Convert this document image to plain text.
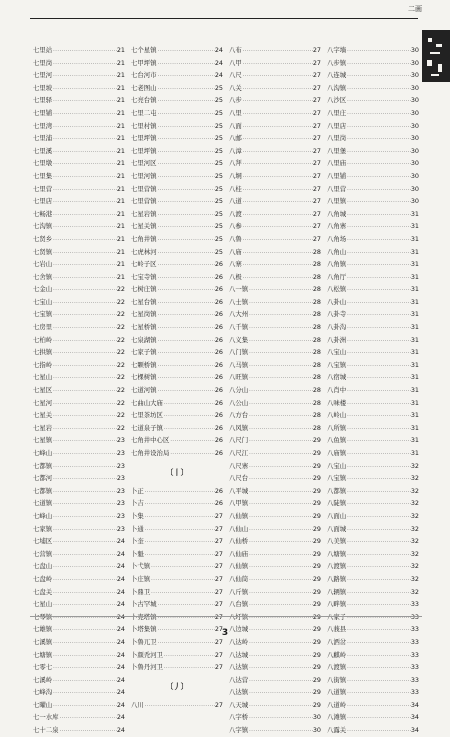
二画
七里站 ·····	21
七里岗 ·····	21
七里河 ·····	21
七里坡 ·····	21
七里驿 ·····	21
七里铺 ·····	21
七里湾 ·····	21
七里浦 ·····	21
七里溪 ·····	21
七里墩 ·····	21
七里集 ·····	21
七里营 ·····	21
七里店 ·····	21
七畅港 ·····	21
七沟镇 ·····	21
七贤乡 ·····	21
七贤镇 ·····	21
七岩山 ·····	21
七舍镇 ·····	21
七金山 ·····	22
七宝山 ·····	22
七宝镇 ·····	22
七房里 ·····	22
七柏岭 ·····	22
七拱镇 ·····	22
七指岭 ·····	22
七星山 ·····	22
七星区 ·····	22
七星河 ·····	22
七星关 ·····	22
七星岩 ·····	22
七星镇 ·····	23
七峰山 ·····	23
七都镇 ·····	23
七都河 ·····	23
七都镇 ·····	23
七道镇 ·····	23
七峰山 ·····	23
七家镇 ·····	23
七埔区 ·····	24
七营镇 ·····	24
七盘山 ·····	24
七盘岭 ·····	24
七盘关 ·····	24
七星山 ·····	24
七琴镇 ·····	24
七雄镇 ·····	24
七溪镇 ·····	24
七塘镇 ·····	24
七零七 ·····	24
七溪岭 ·····	24
七峰沟 ·····	24
七曜山 ·····	24
七一水库 ·····	24
七十二泉 ·····	24
七个星镇 ·····	24
七甲坪镇 ·····	24
七台河市 ·····	24
七老图山 ·····	25
七亮台镇 ·····	25
七里二屯 ·····	25
七里村镇 ·····	25
七里坪镇 ·····	25
七里坪镇 ·····	25
七里河区 ·····	25
七里河镇 ·····	25
七里营镇 ·····	25
七里营镇 ·····	25
七星岩镇 ·····	25
七星关镇 ·····	25
七角井镇 ·····	25
七虎林河 ·····	25
七岭子区 ·····	26
七宝寺镇 ·····	26
七树庄镇 ·····	26
七星台镇 ·····	26
七星岗镇 ·····	26
七星桥镇 ·····	26
七泉湖镇 ·····	26
七家子镇 ·····	26
七颗桥镇 ·····	26
七棵树镇 ·····	26
七道河镇 ·····	26
七曲山大庙 ·····	26
七里茶坊区 ·····	26
七道泉子镇 ·····	26
七角井中心区 ·····	26
七角井设治局 ·····	26
〔丨〕
卜正 ·····	26
卜吉 ·····	26
卜集 ·····	27
卜通 ·····	27
卜奎 ·····	27
卜魁 ·····	27
卜弋镇 ·····	27
卜庄镇 ·····	27
卜鼎卫 ·····	27
卜古罕城 ·····	27
卜克塔镇 ·····	27
卜塔集镇 ·····	27
卜鲁兀卫 ·····	27
卜颜秃河卫 ·····	27
卜鲁丹河卫 ·····	27
〔丿〕
八川 ·····	27
八布 ·····	27
八甲 ·····	27
八尺 ·····	27
八关 ·····	27
八步 ·····	27
八里 ·····	27
八面 ·····	27
八邮 ·····	27
八漳 ·····	27
八拜 ·····	27
八垌 ·····	27
八桂 ·····	27
八道 ·····	27
八渡 ·····	27
八参 ·····	27
八鲁 ·····	27
八庙 ·····	28
八寨 ·····	28
八极 ·····	28
八一镇 ·····	28
八士镇 ·····	28
八大州 ·····	28
八千镇 ·····	28
八义集 ·····	28
八门镇 ·····	28
八马镇 ·····	28
八旺镇 ·····	28
八分山 ·····	28
八公山 ·····	28
八方台 ·····	28
八风镇 ·····	28
八尺门 ·····	29
八尺江 ·····	29
八尺寨 ·····	29
八尺台 ·····	29
八平城 ·····	29
八甲镇 ·····	29
八仙镇 ·····	29
八仙山 ·····	29
八仙桥 ·····	29
八仙庙 ·····	29
八仙镇 ·····	29
八仙筒 ·····	29
八斤镇 ·····	29
八台镇 ·····	29
八圩镇 ·····	29
八边城 ·····	29
八达岭 ·····	29
八达城 ·····	29
八达镇 ·····	29
八达营 ·····	29
八达镇 ·····	29
八天城 ·····	29
八字桥 ·····	30
八字镇 ·····	30
八字墙 ·····	30
八步镇 ·····	30
八连城 ·····	30
八沟镇 ·····	30
八沙区 ·····	30
八里庄 ·····	30
八里店 ·····	30
八里岗 ·····	30
八里堡 ·····	30
八里庙 ·····	30
八里铺 ·····	30
八里营 ·····	30
八里镇 ·····	30
八角城 ·····	31
八角寨 ·····	31
八角场 ·····	31
八角山 ·····	31
八角镇 ·····	31
八角厅 ·····	31
八松镇 ·····	31
八卦山 ·····	31
八卦寺 ·····	31
八卦沟 ·····	31
八卦洲 ·····	31
八宝山 ·····	31
八宝镇 ·····	31
八宿城 ·····	31
八肖中 ·····	31
八味楼 ·····	31
八岭山 ·····	31
八所镇 ·····	31
八鱼镇 ·····	31
八庙镇 ·····	31
八宝山 ·····	32
八宝镇 ·····	32
八都镇 ·····	32
八陡镇 ·····	32
八面山 ·····	32
八面城 ·····	32
八美镇 ·····	32
八塘镇 ·····	32
八渡镇 ·····	32
八路镇 ·····	32
八辆镇 ·····	32
八畔镇 ·····	33
八家子 ·····	33
八莪县 ·····	33
八洒岔 ·····	33
八麒岭 ·····	33
八渡镇 ·····	33
八街镇 ·····	33
八道镇 ·····	33
八道岭 ·····	34
八滩镇 ·····	34
八露关 ·····	34
3
